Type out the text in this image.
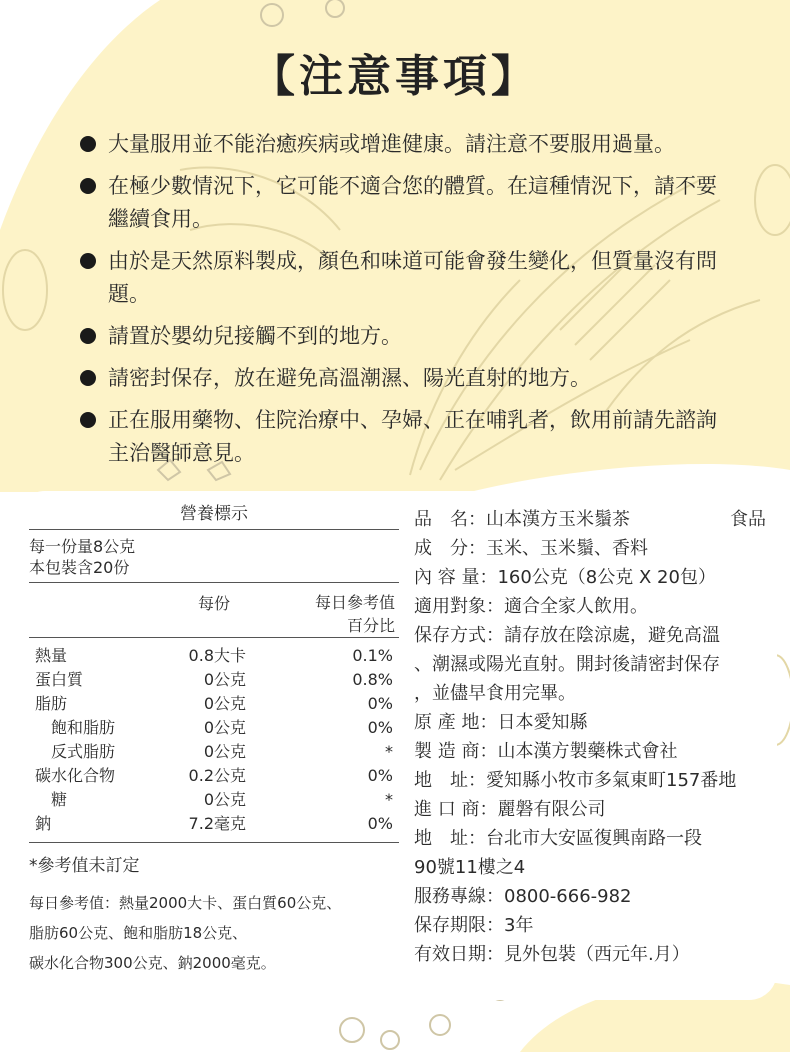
【注意事項】
大量服用並不能治癒疾病或增進健康。請注意不要服用過量。
在極少數情況下，它可能不適合您的體質。在這種情況下，請不要繼續食用。
由於是天然原料製成，顏色和味道可能會發生變化，但質量沒有問題。
請置於嬰幼兒接觸不到的地方。
請密封保存，放在避免高溫潮濕、陽光直射的地方。
正在服用藥物、住院治療中、孕婦、正在哺乳者，飲用前請先諮詢主治醫師意見。
營養標示
每一份量8公克
本包裝含20份
每份	每日參考值
百分比
熱量	0.8大卡	0.1%
蛋白質	0公克	0.8%
脂肪	0公克	0%
飽和脂肪	0公克	0%
反式脂肪	0公克	*
碳水化合物	0.2公克	0%
糖	0公克	*
鈉	7.2毫克	0%
*參考值未訂定
每日參考值：熱量2000大卡、蛋白質60公克、
脂肪60公克、飽和脂肪18公克、
碳水化合物300公克、鈉2000毫克。
品　名：山本漢方玉米鬚茶	食品
成　分：玉米、玉米鬚、香料
內 容 量：160公克（8公克 X 20包）
適用對象：適合全家人飲用。
保存方式：請存放在陰涼處，避免高溫
、潮濕或陽光直射。開封後請密封保存
，並儘早食用完畢。
原 產 地：日本愛知縣
製 造 商：山本漢方製藥株式會社
地　址：愛知縣小牧市多氣東町157番地
進 口 商：麗磐有限公司
地　址：台北市大安區復興南路一段
90號11樓之4
服務專線：0800-666-982
保存期限：3年
有效日期：見外包裝（西元年.月）
